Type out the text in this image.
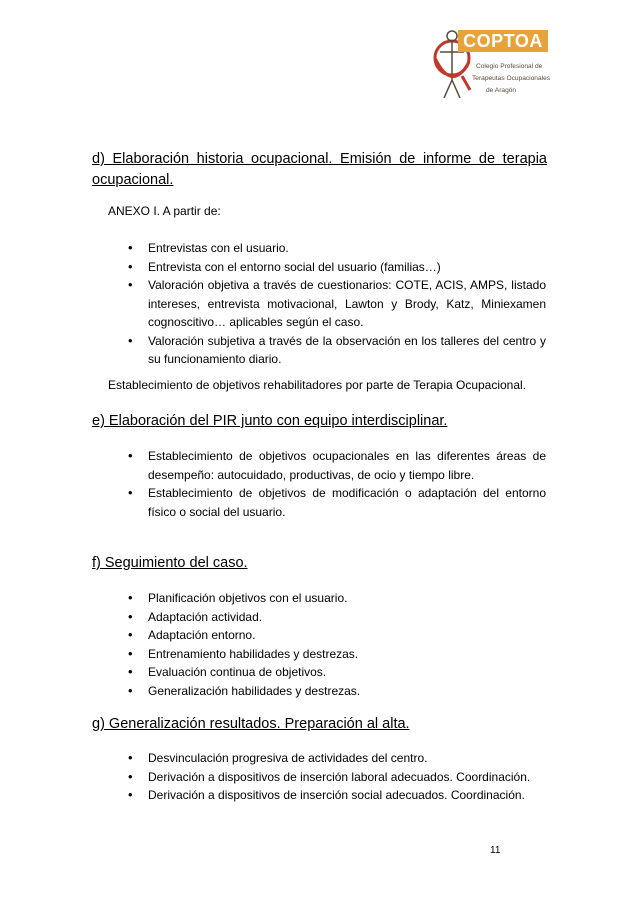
COPTOA
Colegio Profesional de
Terapeutas Ocupacionales
de Aragón
d) Elaboración historia ocupacional. Emisión de informe de terapia
ocupacional.
ANEXO I. A partir de:
• Entrevistas con el usuario.
• Entrevista con el entorno social del usuario (familias…)
• Valoración objetiva a través de cuestionarios: COTE, ACIS, AMPS, listado intereses, entrevista motivacional, Lawton y Brody, Katz, Miniexamen cognoscitivo… aplicables según el caso.
• Valoración subjetiva a través de la observación en los talleres del centro y su funcionamiento diario.
Establecimiento de objetivos rehabilitadores por parte de Terapia Ocupacional.
e) Elaboración del PIR junto con equipo interdisciplinar.
• Establecimiento de objetivos ocupacionales en las diferentes áreas de desempeño: autocuidado, productivas, de ocio y tiempo libre.
• Establecimiento de objetivos de modificación o adaptación del entorno físico o social del usuario.
f) Seguimiento del caso.
• Planificación objetivos con el usuario.
• Adaptación actividad.
• Adaptación entorno.
• Entrenamiento habilidades y destrezas.
• Evaluación continua de objetivos.
• Generalización habilidades y destrezas.
g) Generalización resultados. Preparación al alta.
• Desvinculación progresiva de actividades del centro.
• Derivación a dispositivos de inserción laboral adecuados. Coordinación.
• Derivación a dispositivos de inserción social adecuados. Coordinación.
11
